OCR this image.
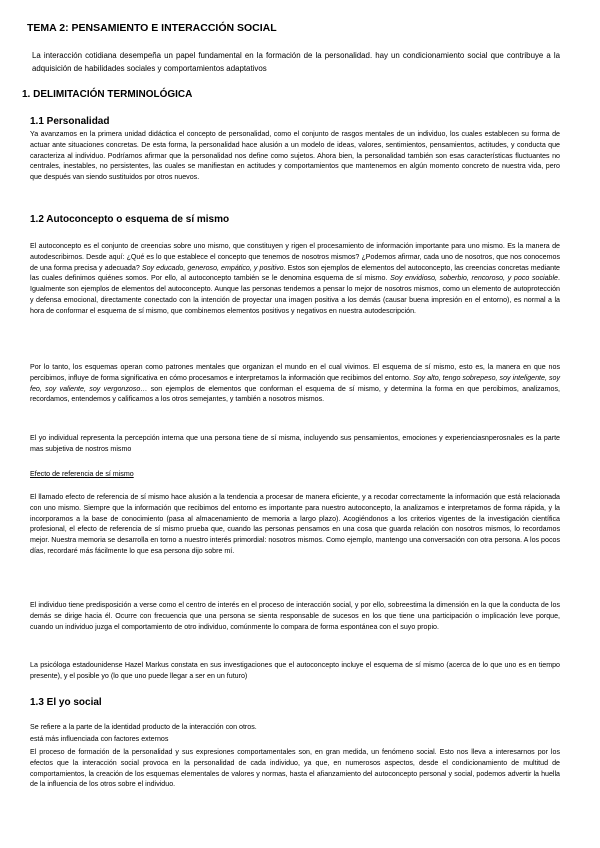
TEMA 2: PENSAMIENTO E INTERACCIÓN SOCIAL
La interacción cotidiana desempeña un papel fundamental en la formación de la personalidad. hay un condicionamiento social que contribuye a la adquisición de habilidades sociales y comportamientos adaptativos
1. DELIMITACIÓN TERMINOLÓGICA
1.1 Personalidad
Ya avanzamos en la primera unidad didáctica el concepto de personalidad, como el conjunto de rasgos mentales de un individuo, los cuales establecen su forma de actuar ante situaciones concretas. De esta forma, la personalidad hace alusión a un modelo de ideas, valores, sentimientos, pensamientos, actitudes, y conducta que caracteriza al individuo. Podríamos afirmar que la personalidad nos define como sujetos. Ahora bien, la personalidad también son esas características fluctuantes no centrales, inestables, no persistentes, las cuales se manifiestan en actitudes y comportamientos que mantenemos en algún momento concreto de nuestra vida, pero que después van siendo sustituidos por otros nuevos.
1.2 Autoconcepto o esquema de sí mismo
El autoconcepto es el conjunto de creencias sobre uno mismo, que constituyen y rigen el procesamiento de información importante para uno mismo. Es la manera de autodescribirnos. Desde aquí: ¿Qué es lo que establece el concepto que tenemos de nosotros mismos? ¿Podemos afirmar, cada uno de nosotros, que nos conocemos de una forma precisa y adecuada? Soy educado, generoso, empático, y positivo. Estos son ejemplos de elementos del autoconcepto, las creencias concretas mediante las cuales definimos quiénes somos. Por ello, al autoconcepto también se le denomina esquema de sí mismo. Soy envidioso, soberbio, rencoroso, y poco sociable. Igualmente son ejemplos de elementos del autoconcepto. Aunque las personas tendemos a pensar lo mejor de nosotros mismos, como un elemento de autoprotección y defensa emocional, directamente conectado con la intención de proyectar una imagen positiva a los demás (causar buena impresión en el entorno), es normal a la hora de conformar el esquema de sí mismo, que combinemos elementos positivos y negativos en nuestra autodescripción.
Por lo tanto, los esquemas operan como patrones mentales que organizan el mundo en el cual vivimos. El esquema de sí mismo, esto es, la manera en que nos percibimos, influye de forma significativa en cómo procesamos e interpretamos la información que recibimos del entorno. Soy alto, tengo sobrepeso, soy inteligente, soy feo, soy valiente, soy vergonzoso… son ejemplos de elementos que conforman el esquema de sí mismo, y determina la forma en que percibimos, analizamos, recordamos, entendemos y calificamos a los otros semejantes, y también a nosotros mismos.
El yo individual representa la percepción interna que una persona tiene de sí misma, incluyendo sus pensamientos, emociones y experienciasnperosnales es la parte mas subjetiva de nostros mismo
Efecto de referencia de sí mismo
El llamado efecto de referencia de sí mismo hace alusión a la tendencia a procesar de manera eficiente, y a recodar correctamente la información que está relacionada con uno mismo. Siempre que la información que recibimos del entorno es importante para nuestro autoconcepto, la analizamos e interpretamos de forma rápida, y la incorporamos a la base de conocimiento (pasa al almacenamiento de memoria a largo plazo). Acogiéndonos a los criterios vigentes de la investigación científica profesional, el efecto de referencia de sí mismo prueba que, cuando las personas pensamos en una cosa que guarda relación con nosotros mismos, lo recordamos mejor. Nuestra memoria se desarrolla en torno a nuestro interés primordial: nosotros mismos. Como ejemplo, mantengo una conversación con otra persona. A los pocos días, recordaré más fácilmente lo que esa persona dijo sobre mí.
El individuo tiene predisposición a verse como el centro de interés en el proceso de interacción social, y por ello, sobreestima la dimensión en la que la conducta de los demás se dirige hacia él. Ocurre con frecuencia que una persona se sienta responsable de sucesos en los que tiene una participación o implicación leve porque, cuando un individuo juzga el comportamiento de otro individuo, comúnmente lo compara de forma espontánea con el suyo propio.
La psicóloga estadounidense Hazel Markus constata en sus investigaciones que el autoconcepto incluye el esquema de sí mismo (acerca de lo que uno es en tiempo presente), y el posible yo (lo que uno puede llegar a ser en un futuro)
1.3 El yo social
Se refiere a la parte de la identidad producto de la interacción con otros.
está más influenciada con factores externos
El proceso de formación de la personalidad y sus expresiones comportamentales son, en gran medida, un fenómeno social. Esto nos lleva a interesarnos por los efectos que la interacción social provoca en la personalidad de cada individuo, ya que, en numerosos aspectos, desde el condicionamiento de multitud de comportamientos, la creación de los esquemas elementales de valores y normas, hasta el afianzamiento del autoconcepto personal y social, podemos advertir la huella de la influencia de los otros sobre el individuo.
